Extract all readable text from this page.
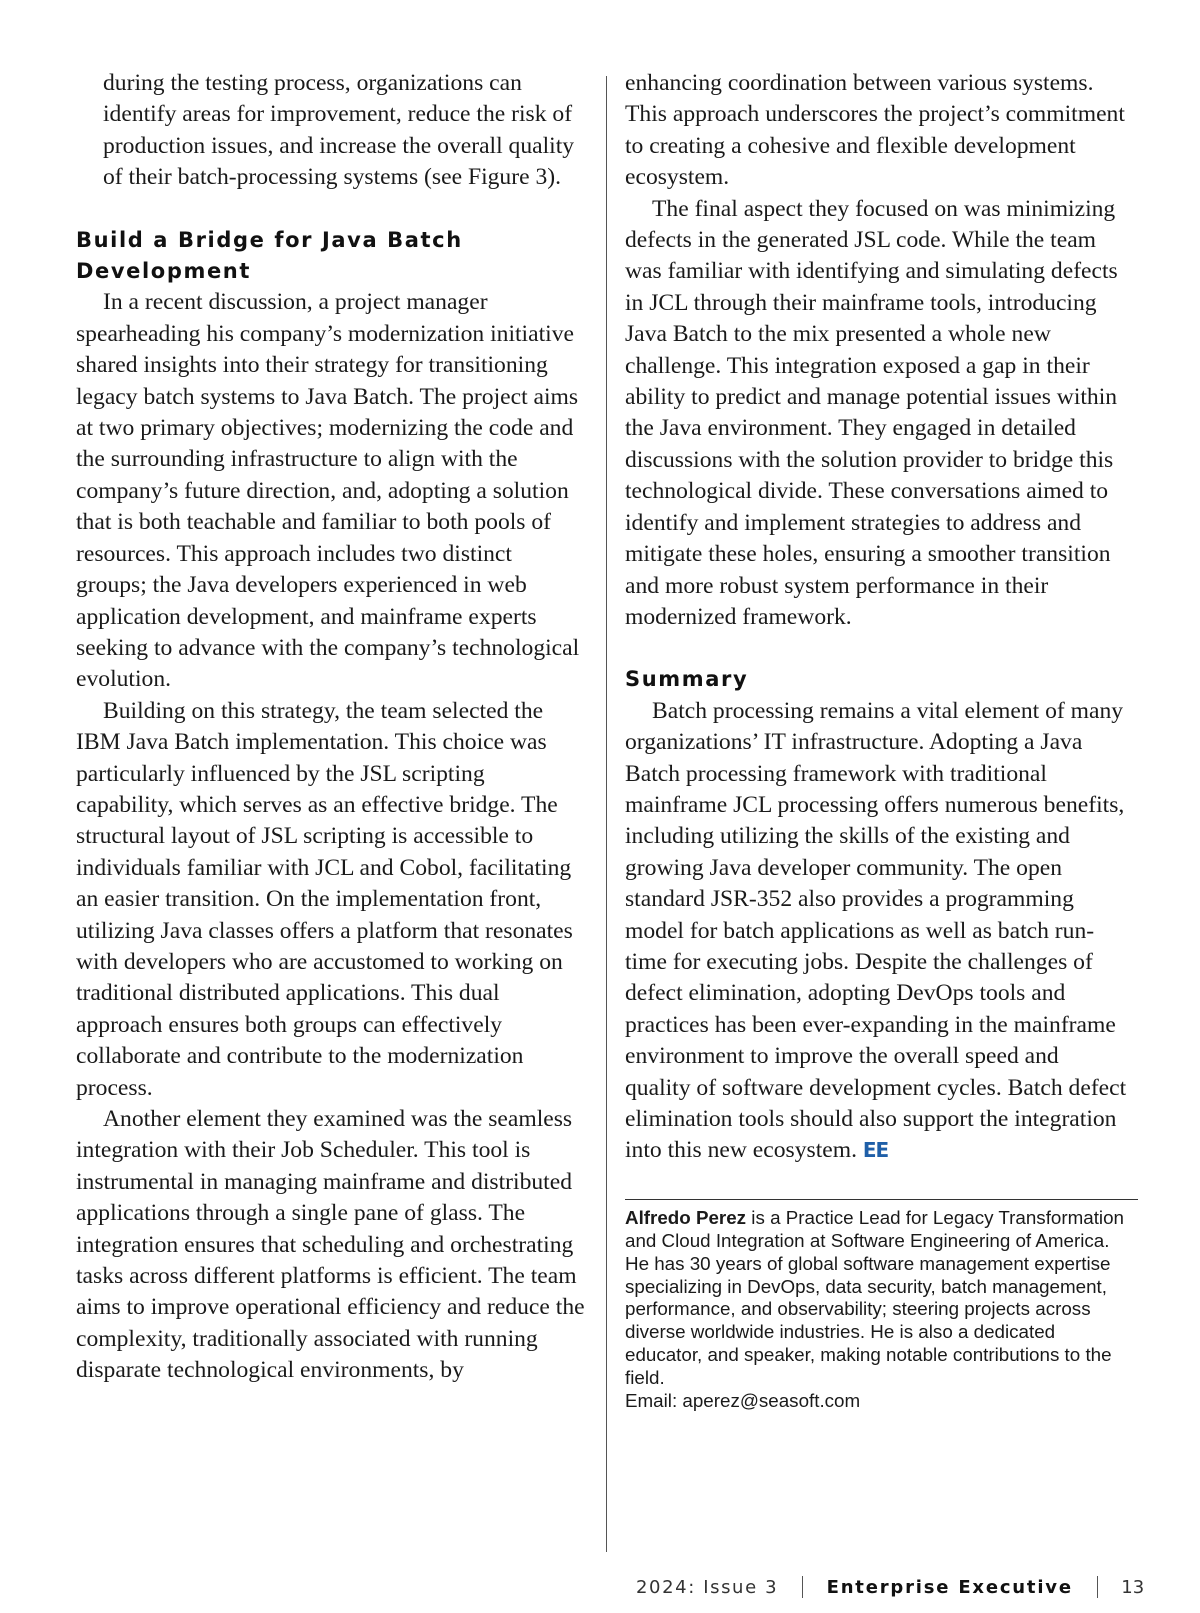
during the testing process, organizations can identify areas for improvement, reduce the risk of production issues, and increase the overall quality of their batch-processing systems (see Figure 3).

Build a Bridge for Java Batch Development

In a recent discussion, a project manager spearheading his company’s modernization initiative shared insights into their strategy for transitioning legacy batch systems to Java Batch. The project aims at two primary objectives; modernizing the code and the surrounding infrastructure to align with the company’s future direction, and, adopting a solution that is both teachable and familiar to both pools of resources. This approach includes two distinct groups; the Java developers experienced in web application development, and mainframe experts seeking to advance with the company’s technological evolution.

Building on this strategy, the team selected the IBM Java Batch implementation. This choice was particularly influenced by the JSL scripting capability, which serves as an effective bridge. The structural layout of JSL scripting is accessible to individuals familiar with JCL and Cobol, facilitating an easier transition. On the implementation front, utilizing Java classes offers a platform that resonates with developers who are accustomed to working on traditional distributed applications. This dual approach ensures both groups can effectively collaborate and contribute to the modernization process.

Another element they examined was the seamless integration with their Job Scheduler. This tool is instrumental in managing mainframe and distributed applications through a single pane of glass. The integration ensures that scheduling and orchestrating tasks across different platforms is efficient. The team aims to improve operational efficiency and reduce the complexity, traditionally associated with running disparate technological environments, by

enhancing coordination between various systems. This approach underscores the project’s commitment to creating a cohesive and flexible development ecosystem.

The final aspect they focused on was minimizing defects in the generated JSL code. While the team was familiar with identifying and simulating defects in JCL through their mainframe tools, introducing Java Batch to the mix presented a whole new challenge. This integration exposed a gap in their ability to predict and manage potential issues within the Java environment. They engaged in detailed discussions with the solution provider to bridge this technological divide. These conversations aimed to identify and implement strategies to address and mitigate these holes, ensuring a smoother transition and more robust system performance in their modernized framework.

Summary

Batch processing remains a vital element of many organizations’ IT infrastructure. Adopting a Java Batch processing framework with traditional mainframe JCL processing offers numerous benefits, including utilizing the skills of the existing and growing Java developer community. The open standard JSR-352 also provides a programming model for batch applications as well as batch run-time for executing jobs. Despite the challenges of defect elimination, adopting DevOps tools and practices has been ever-expanding in the mainframe environment to improve the overall speed and quality of software development cycles. Batch defect elimination tools should also support the integration into this new ecosystem. EE

Alfredo Perez is a Practice Lead for Legacy Transformation and Cloud Integration at Software Engineering of America. He has 30 years of global software management expertise specializing in DevOps, data security, batch management, performance, and observability; steering projects across diverse worldwide industries. He is also a dedicated educator, and speaker, making notable contributions to the field.
Email: aperez@seasoft.com
2024: Issue 3	Enterprise Executive	13
